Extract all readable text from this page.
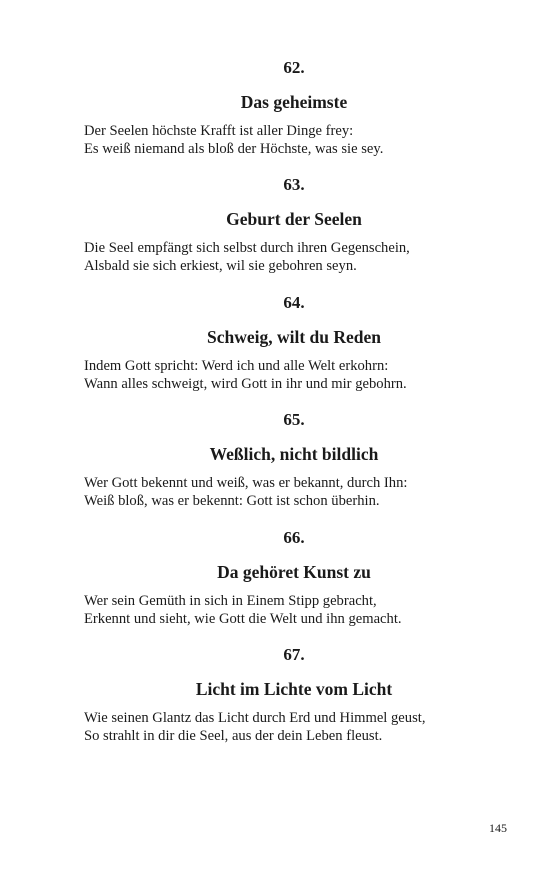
62.
Das geheimste
Der Seelen höchste Krafft ist aller Dinge frey:
Es weiß niemand als bloß der Höchste, was sie sey.
63.
Geburt der Seelen
Die Seel empfängt sich selbst durch ihren Gegenschein,
Alsbald sie sich erkiest, wil sie gebohren seyn.
64.
Schweig, wilt du Reden
Indem Gott spricht: Werd ich und alle Welt erkohrn:
Wann alles schweigt, wird Gott in ihr und mir gebohrn.
65.
Weßlich, nicht bildlich
Wer Gott bekennt und weiß, was er bekannt, durch Ihn:
Weiß bloß, was er bekennt: Gott ist schon überhin.
66.
Da gehöret Kunst zu
Wer sein Gemüth in sich in Einem Stipp gebracht,
Erkennt und sieht, wie Gott die Welt und ihn gemacht.
67.
Licht im Lichte vom Licht
Wie seinen Glantz das Licht durch Erd und Himmel geust,
So strahlt in dir die Seel, aus der dein Leben fleust.
145
